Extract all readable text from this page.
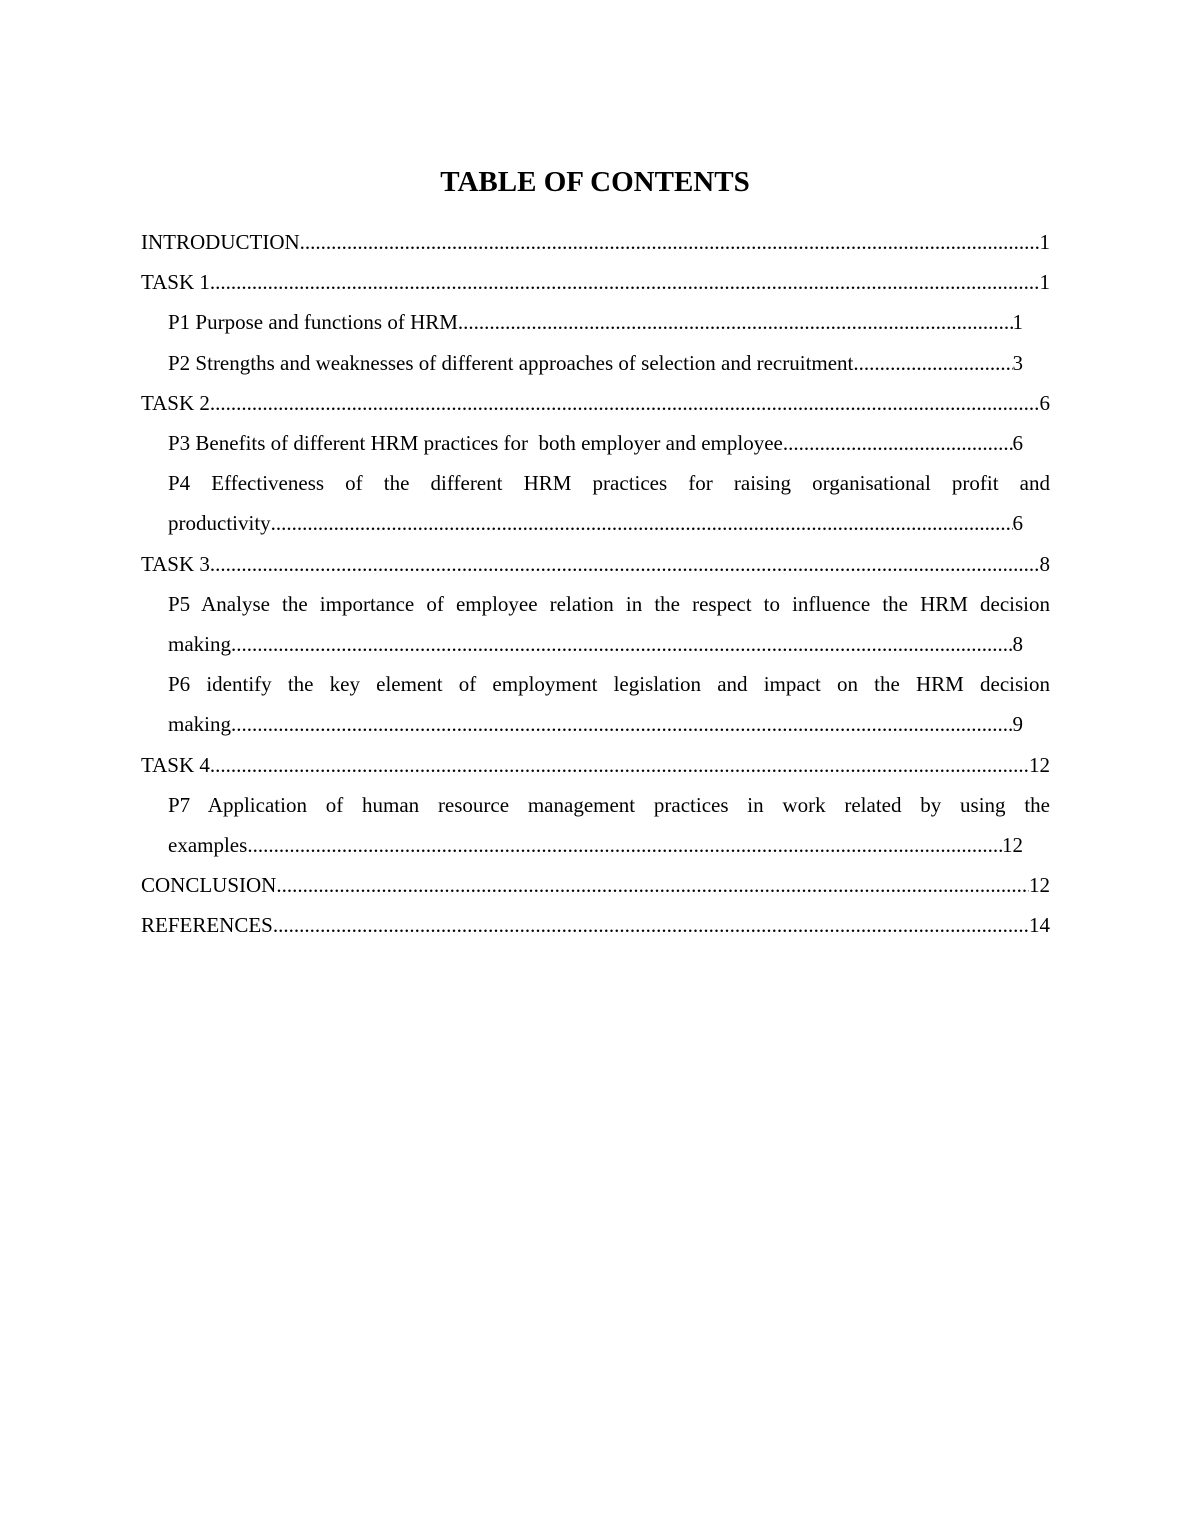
TABLE OF CONTENTS
INTRODUCTION .....	1
TASK 1 .....	1
P1 Purpose and functions of HRM .....	1
P2 Strengths and weaknesses of different approaches of selection and recruitment .....	3
TASK 2 .....	6
P3 Benefits of different HRM practices for  both employer and employee .....	6
P4 Effectiveness of the different HRM practices for raising organisational profit and
productivity .....	6
TASK 3 .....	8
P5 Analyse the importance of employee relation in the respect to influence the HRM decision
making .....	8
P6 identify the key element of employment legislation and impact on the HRM decision
making .....	9
TASK 4 .....	12
P7 Application of human resource management practices in work related by using the
examples .....	12
CONCLUSION .....	12
REFERENCES .....	14
